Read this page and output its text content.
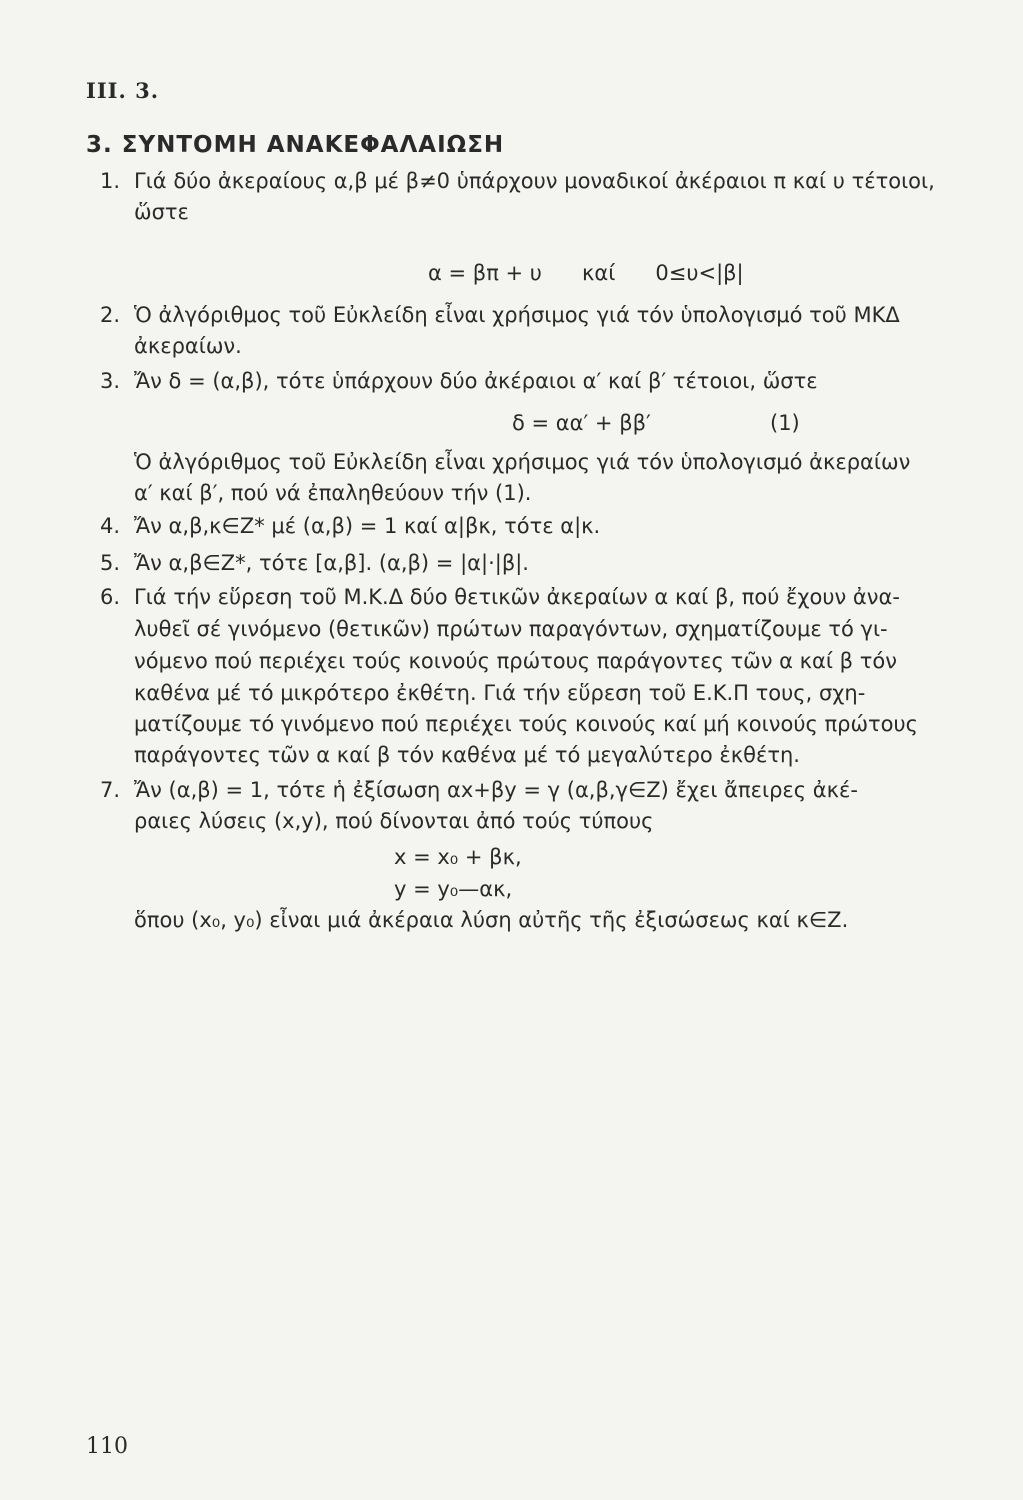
III. 3.
3. ΣΥΝΤΟΜΗ ΑΝΑΚΕΦΑΛΑΙΩΣΗ
1. Γιά δύο ἀκεραίους α,β μέ β≠0 ὑπάρχουν μοναδικοί ἀκέραιοι π καί υ τέτοιοι,
ὥστε
α = βπ + υ      καί      0≤υ<|β|
2. Ὁ ἀλγόριθμος τοῦ Εὐκλείδη εἶναι χρήσιμος γιά τόν ὑπολογισμό τοῦ ΜΚΔ
ἀκεραίων.
3. Ἄν δ = (α,β), τότε ὑπάρχουν δύο ἀκέραιοι α′ καί β′ τέτοιοι, ὥστε
δ = αα′ + ββ′	(1)
Ὁ ἀλγόριθμος τοῦ Εὐκλείδη εἶναι χρήσιμος γιά τόν ὑπολογισμό ἀκεραίων
α′ καί β′, πού νά ἐπαληθεύουν τήν (1).
4. Ἄν α,β,κ∈Z* μέ (α,β) = 1 καί α|βκ, τότε α|κ.
5. Ἄν α,β∈Z*, τότε [α,β]. (α,β) = |α|·|β|.
6. Γιά τήν εὕρεση τοῦ Μ.Κ.Δ δύο θετικῶν ἀκεραίων α καί β, πού ἔχουν ἀνα-
λυθεῖ σέ γινόμενο (θετικῶν) πρώτων παραγόντων, σχηματίζουμε τό γι-
νόμενο πού περιέχει τούς κοινούς πρώτους παράγοντες τῶν α καί β τόν
καθένα μέ τό μικρότερο ἐκθέτη. Γιά τήν εὕρεση τοῦ Ε.Κ.Π τους, σχη-
ματίζουμε τό γινόμενο πού περιέχει τούς κοινούς καί μή κοινούς πρώτους
παράγοντες τῶν α καί β τόν καθένα μέ τό μεγαλύτερο ἐκθέτη.
7. Ἄν (α,β) = 1, τότε ἡ ἐξίσωση αx+βy = γ (α,β,γ∈Z) ἔχει ἄπειρες ἀκέ-
ραιες λύσεις (x,y), πού δίνονται ἀπό τούς τύπους
x = x₀ + βκ,
y = y₀—ακ,
ὅπου (x₀, y₀) εἶναι μιά ἀκέραια λύση αὐτῆς τῆς ἐξισώσεως καί κ∈Z.
110
